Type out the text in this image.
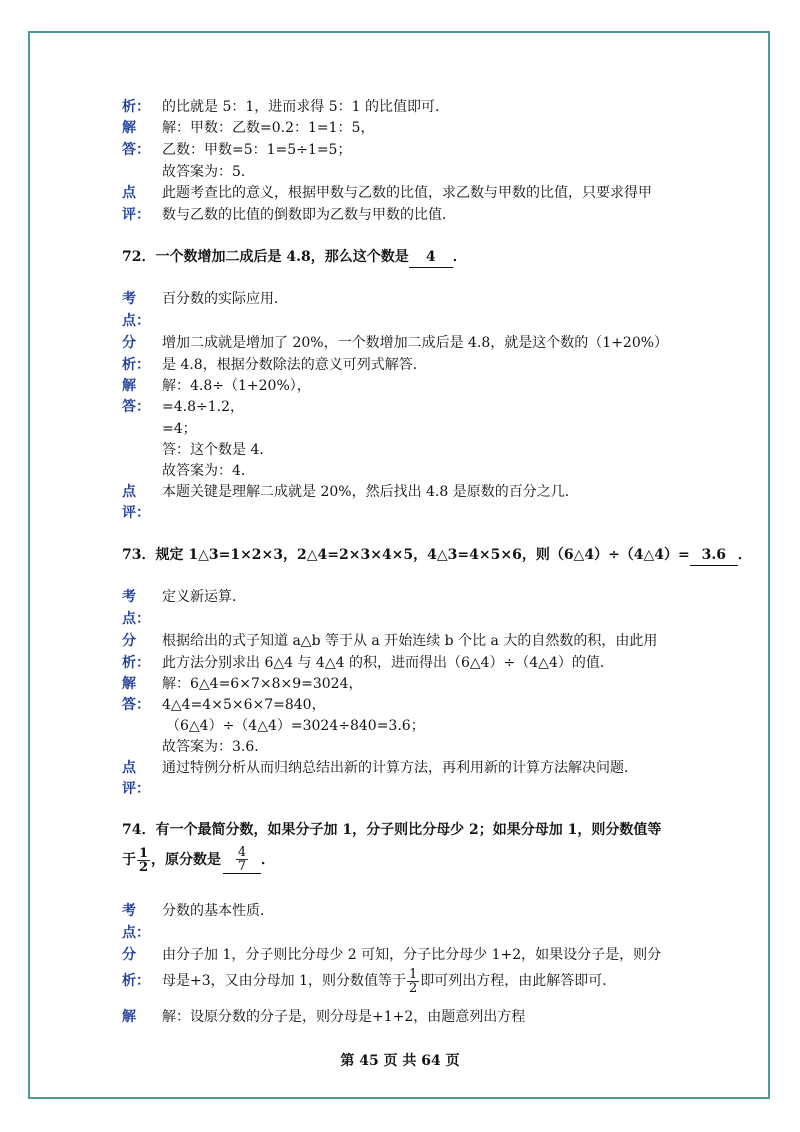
析： 的比就是 5：1，进而求得 5：1 的比值即可．
解 解：甲数：乙数=0.2：1=1：5，
答： 乙数：甲数=5：1=5÷1=5；
故答案为：5．
点 此题考查比的意义，根据甲数与乙数的比值，求乙数与甲数的比值，只要求得甲
评： 数与乙数的比值的倒数即为乙数与甲数的比值．
72．一个数增加二成后是 4.8，那么这个数是 4 ．
考 百分数的实际应用．
点：
分 增加二成就是增加了 20%，一个数增加二成后是 4.8，就是这个数的（1+20%）
析： 是 4.8，根据分数除法的意义可列式解答．
解 解：4.8÷（1+20%），
答： =4.8÷1.2，
=4；
答：这个数是 4．
故答案为：4．
点 本题关键是理解二成就是 20%，然后找出 4.8 是原数的百分之几．
评：
73．规定 1△3=1×2×3，2△4=2×3×4×5，4△3=4×5×6，则（6△4）÷（4△4）= 3.6 ．
考 定义新运算．
点：
分 根据给出的式子知道 a△b 等于从 a 开始连续 b 个比 a 大的自然数的积，由此用
析： 此方法分别求出 6△4 与 4△4 的积，进而得出（6△4）÷（4△4）的值．
解 解：6△4=6×7×8×9=3024，
答： 4△4=4×5×6×7=840，
（6△4）÷（4△4）=3024÷840=3.6；
故答案为：3.6．
点 通过特例分析从而归纳总结出新的计算方法，再利用新的计算方法解决问题．
评：
74．有一个最简分数，如果分子加 1，分子则比分母少 2；如果分母加 1，则分数值等
于 $\frac{1}{2}$ ，原分数是 $\frac{4}{7}$ ．
考 分数的基本性质．
点：
分 由分子加 1，分子则比分母少 2 可知，分子比分母少 1+2，如果设分子是，则分
析： 母是+3，又由分母加 1，则分数值等于 $\frac{1}{2}$ 即可列出方程，由此解答即可．
解 解：设原分数的分子是，则分母是+1+2，由题意列出方程
第 45 页 共 64 页
